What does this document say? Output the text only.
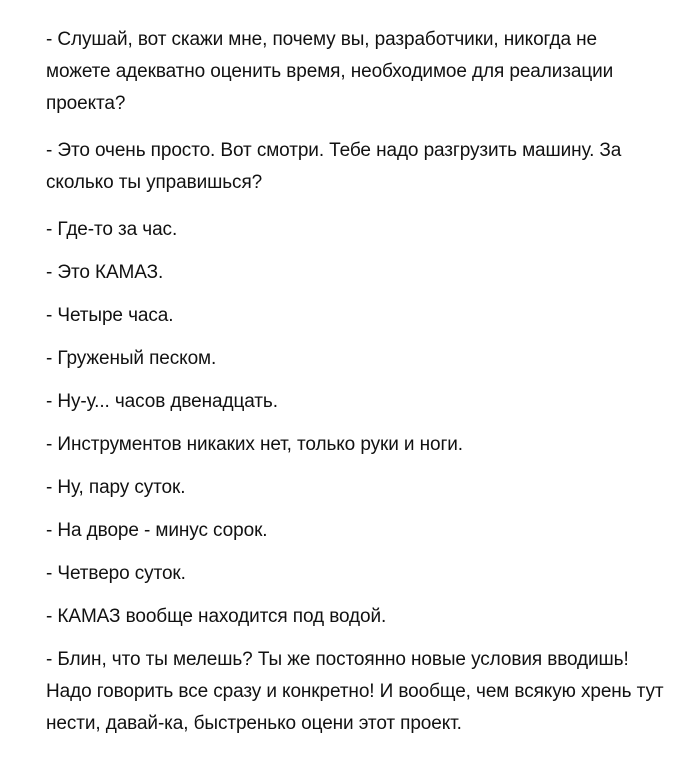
- Слушай, вот скажи мне, почему вы, разработчики, никогда не можете адекватно оценить время, необходимое для реализации проекта?

- Это очень просто. Вот смотри. Тебе надо разгрузить машину. За сколько ты управишься?

- Где-то за час.

- Это КАМАЗ.

- Четыре часа.

- Груженый песком.

- Ну-у... часов двенадцать.

- Инструментов никаких нет, только руки и ноги.

- Ну, пару суток.

- На дворе - минус сорок.

- Четверо суток.

- КАМАЗ вообще находится под водой.

- Блин, что ты мелешь? Ты же постоянно новые условия вводишь! Надо говорить все сразу и конкретно! И вообще, чем всякую хрень тут нести, давай-ка, быстренько оцени этот проект.
